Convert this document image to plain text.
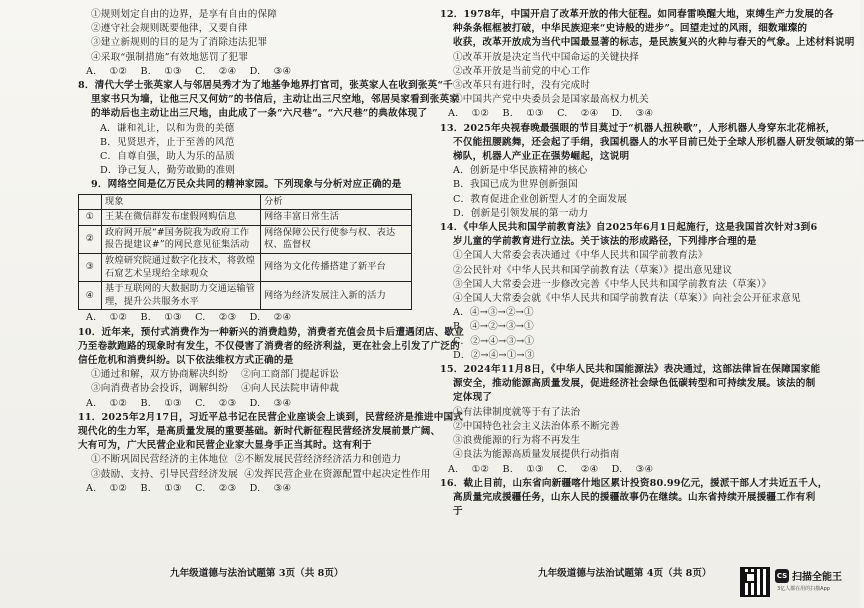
①规则划定自由的边界，是享有自由的保障
②遵守社会规则既要他律，又要自律
③建立新规则的目的是为了消除违法犯罪
④采取“强制措施”有效地惩罚了犯罪
A. ①② B. ①③ C. ②④ D. ③④
8．清代大学士张英家人与邻居吴秀才为了地基争地界打官司，张英家人在收到张英“千
里家书只为墙，让他三尺又何妨”的书信后，主动让出三尺空地，邻居吴家看到张英家
的举动后也主动让出三尺地，由此成了一条“六尺巷”。“六尺巷”的典故体现了
A．谦和礼让，以和为贵的美德
B．见贤思齐，止于至善的风范
C．自尊自强，助人为乐的品质
D．诤己复人，勤劳敢勤的准则
9．网络空间是亿万民众共同的精神家园。下列现象与分析对应正确的是
	现象	分析
①	王某在微信群发布虚假网购信息	网络丰富日常生活
②	政府网开展“#国务院我为政府工作报告提建议#”的网民意见征集活动	网络保障公民行使参与权、表达权、监督权
③	敦煌研究院通过数字化技术，将敦煌石窟艺术呈现给全球观众	网络为文化传播搭建了新平台
④	基于互联网的大数据助力交通运输管理，提升公共服务水平	网络为经济发展注入新的活力
A. ①② B. ①③ C. ②③ D. ②④
10．近年来，预付式消费作为一种新兴的消费趋势，消费者充值会员卡后遭遇闭店、歇业
乃至卷款跑路的现象时有发生，不仅侵害了消费者的经济利益，更在社会上引发了广泛的
信任危机和消费纠纷。以下依法维权方式正确的是
①通过和解，双方协商解决纠纷 ②向工商部门提起诉讼
③向消费者协会投诉，调解纠纷 ④向人民法院申请仲裁
A. ①② B. ①③ C. ②③ D. ③④
11．2025年2月17日，习近平总书记在民营企业座谈会上谈到，民营经济是推进中国式
现代化的生力军，是高质量发展的重要基础。新时代新征程民营经济发展前景广阔、
大有可为，广大民营企业和民营企业家大显身手正当其时。这有利于
①不断巩固民营经济的主体地位 ②不断发展民营经济经济活力和创造力
③鼓励、支持、引导民营经济发展 ④发挥民营企业在资源配置中起决定性作用
A. ①② B. ①③ C. ②③ D. ③④
12．1978年，中国开启了改革开放的伟大征程。如同春雷唤醒大地，束缚生产力发展的各
种条条框框被打破，中华民族迎来“史诗般的进步”。回望走过的风雨，细数璀璨的
收获，改革开放成为当代中国最显著的标志，是民族复兴的火种与春天的气象。上述材料说明
①改革开放是决定当代中国命运的关键抉择
②改革开放是当前党的中心工作
③改革只有进行时，没有完成时
④中国共产党中央委员会是国家最高权力机关
A. ①② B. ①③ C. ②④ D. ③④
13．2025年央视春晚最强眼的节目莫过于“机器人扭秧歌”，人形机器人身穿东北花棉袄，
不仅能扭腰跳舞，还会起了手绢，我国机器人的水平目前已处于全球人形机器人研发领域的第一
梯队，机器人产业正在强势崛起，这说明
A．创新是中华民族精神的核心
B．我国已成为世界创新强国
C．教育促进企业创新型人才的全面发展
D．创新是引领发展的第一动力
14．《中华人民共和国学前教育法》自2025年6月1日起施行，这是我国首次针对3到6
岁儿童的学前教育进行立法。关于该法的形成路径，下列排序合理的是
①全国人大常委会表决通过《中华人民共和国学前教育法》
②公民针对《中华人民共和国学前教育法（草案）》提出意见建议
③全国人大常委会进一步修改完善《中华人民共和国学前教育法（草案）》
④全国人大常委会就《中华人民共和国学前教育法（草案）》向社会公开征求意见
A．④→③→②→①
B．④→②→③→①
C．②→④→③→①
D．②→④→①→③
15．2024年11月8日，《中华人民共和国能源法》表决通过，这部法律旨在保障国家能
源安全，推动能源高质量发展，促进经济社会绿色低碳转型和可持续发展。该法的制
定体现了
①有法律制度就等于有了法治
②中国特色社会主义法治体系不断完善
③浪费能源的行为将不再发生
④良法为能源高质量发展提供行动指南
A. ①② B. ①③ C. ②④ D. ③④
16．截止目前，山东省向新疆喀什地区累计投资80.99亿元，援派干部人才共近五千人，
高质量完成援疆任务，山东人民的援疆故事仍在继续。山东省持续开展援疆工作有利
于
九年级道德与法治试题第 3页（共 8页）	九年级道德与法治试题第 4页（共 8页）	CS 扫描全能王
3亿人都在用的扫描App
